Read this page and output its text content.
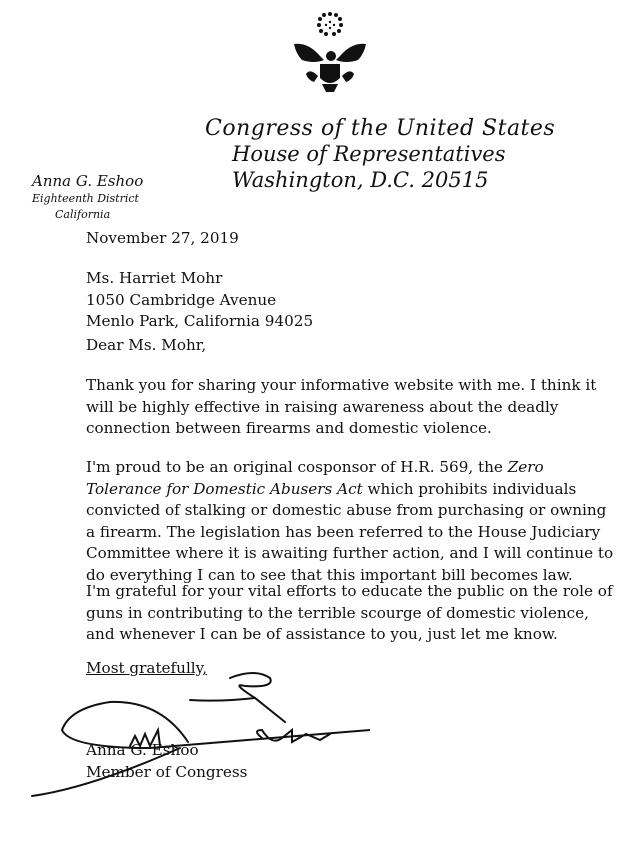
Congress of the United States
House of Representatives
Washington, D.C. 20515
Anna G. Eshoo
Eighteenth District
California
November 27, 2019
Ms. Harriet Mohr
1050 Cambridge Avenue
Menlo Park, California 94025
Dear Ms. Mohr,
Thank you for sharing your informative website with me. I think it will be highly effective in raising awareness about the deadly connection between firearms and domestic violence.
I'm proud to be an original cosponsor of H.R. 569, the Zero Tolerance for Domestic Abusers Act which prohibits individuals convicted of stalking or domestic abuse from purchasing or owning a firearm. The legislation has been referred to the House Judiciary Committee where it is awaiting further action, and I will continue to do everything I can to see that this important bill becomes law.
I'm grateful for your vital efforts to educate the public on the role of guns in contributing to the terrible scourge of domestic violence, and whenever I can be of assistance to you, just let me know.
Most gratefully,
Anna G. Eshoo
Member of Congress
